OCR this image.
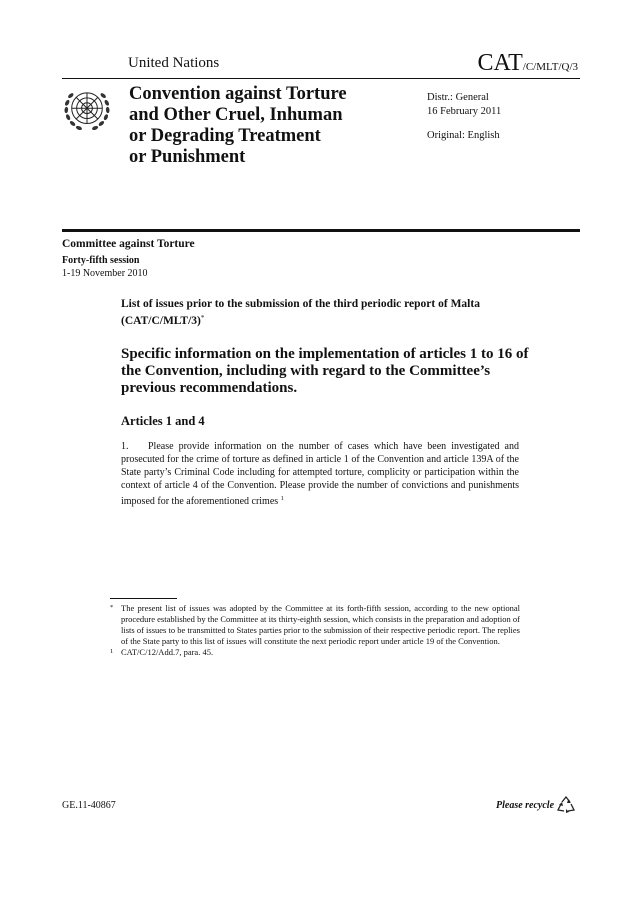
United Nations	CAT/C/MLT/Q/3
Convention against Torture
and Other Cruel, Inhuman
or Degrading Treatment
or Punishment
Distr.: General
16 February 2011
Original: English
Committee against Torture
Forty-fifth session
1-19 November 2010
List of issues prior to the submission of the third periodic report of Malta (CAT/C/MLT/3)*
Specific information on the implementation of articles 1 to 16 of the Convention, including with regard to the Committee’s previous recommendations.
Articles 1 and 4

1. Please provide information on the number of cases which have been investigated and prosecuted for the crime of torture as defined in article 1 of the Convention and article 139A of the State party’s Criminal Code including for attempted torture, complicity or participation within the context of article 4 of the Convention. Please provide the number of convictions and punishments imposed for the aforementioned crimes $^1$

* The present list of issues was adopted by the Committee at its forth-fifth session, according to the new optional procedure established by the Committee at its thirty-eighth session, which consists in the preparation and adoption of lists of issues to be transmitted to States parties prior to the submission of their respective periodic report. The replies of the State party to this list of issues will constitute the next periodic report under article 19 of the Convention.
1 CAT/C/12/Add.7, para. 45.
GE.11-40867	Please recycle
